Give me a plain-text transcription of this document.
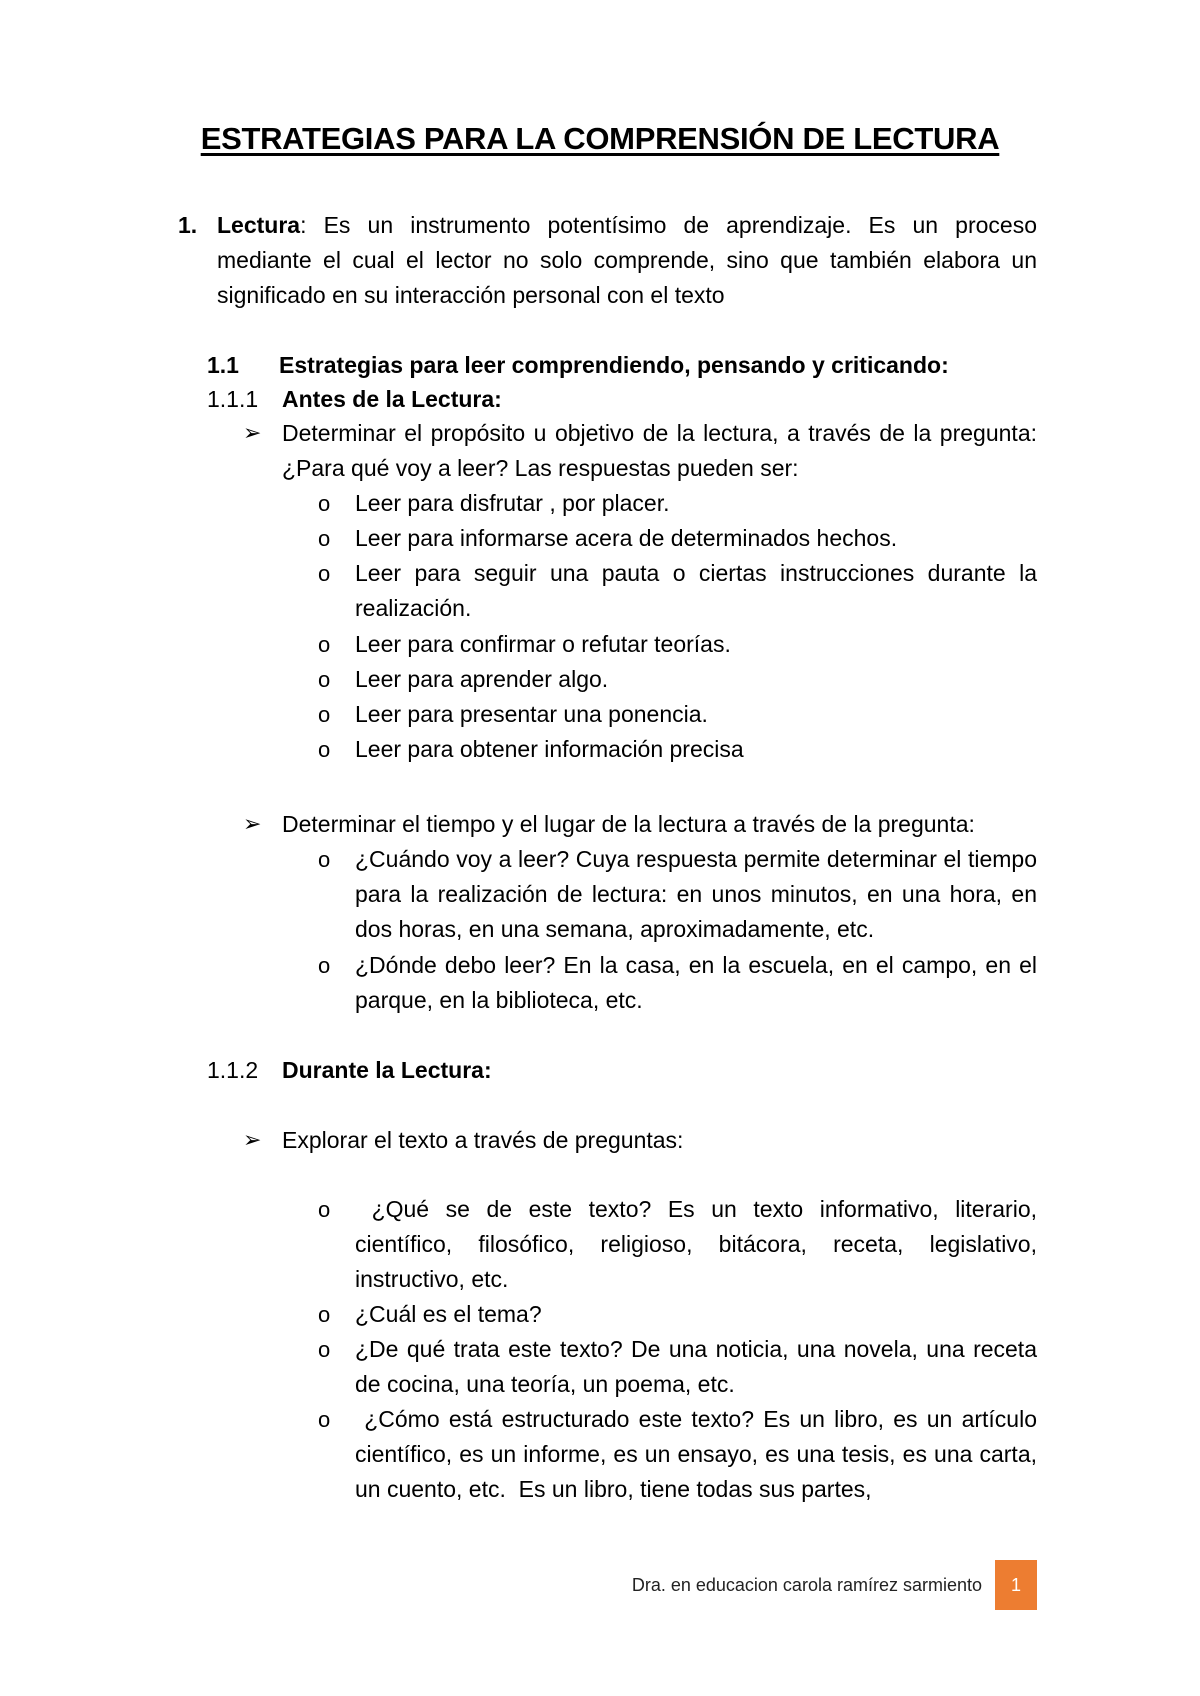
ESTRATEGIAS PARA LA COMPRENSIÓN DE LECTURA
1. Lectura: Es un instrumento potentísimo de aprendizaje. Es un proceso mediante el cual el lector no solo comprende, sino que también elabora un significado en su interacción personal con el texto
1.1 Estrategias para leer comprendiendo, pensando y criticando:
1.1.1 Antes de la Lectura:
➢ Determinar el propósito u objetivo de la lectura, a través de la pregunta: ¿Para qué voy a leer? Las respuestas pueden ser:
o Leer para disfrutar , por placer.
o Leer para informarse acera de determinados hechos.
o Leer para seguir una pauta o ciertas instrucciones durante la realización.
o Leer para confirmar o refutar teorías.
o Leer para aprender algo.
o Leer para presentar una ponencia.
o Leer para obtener información precisa
➢ Determinar el tiempo y el lugar de la lectura a través de la pregunta:
o ¿Cuándo voy a leer? Cuya respuesta permite determinar el tiempo para la realización de lectura: en unos minutos, en una hora, en dos horas, en una semana, aproximadamente, etc.
o ¿Dónde debo leer? En la casa, en la escuela, en el campo, en el parque, en la biblioteca, etc.
1.1.2 Durante la Lectura:
➢ Explorar el texto a través de preguntas:
o ¿Qué se de este texto? Es un texto informativo, literario, científico, filosófico, religioso, bitácora, receta, legislativo, instructivo, etc.
o ¿Cuál es el tema?
o ¿De qué trata este texto? De una noticia, una novela, una receta de cocina, una teoría, un poema, etc.
o ¿Cómo está estructurado este texto? Es un libro, es un artículo científico, es un informe, es un ensayo, es una tesis, es una carta, un cuento, etc.  Es un libro, tiene todas sus partes,
Dra. en educacion carola ramírez sarmiento	1
